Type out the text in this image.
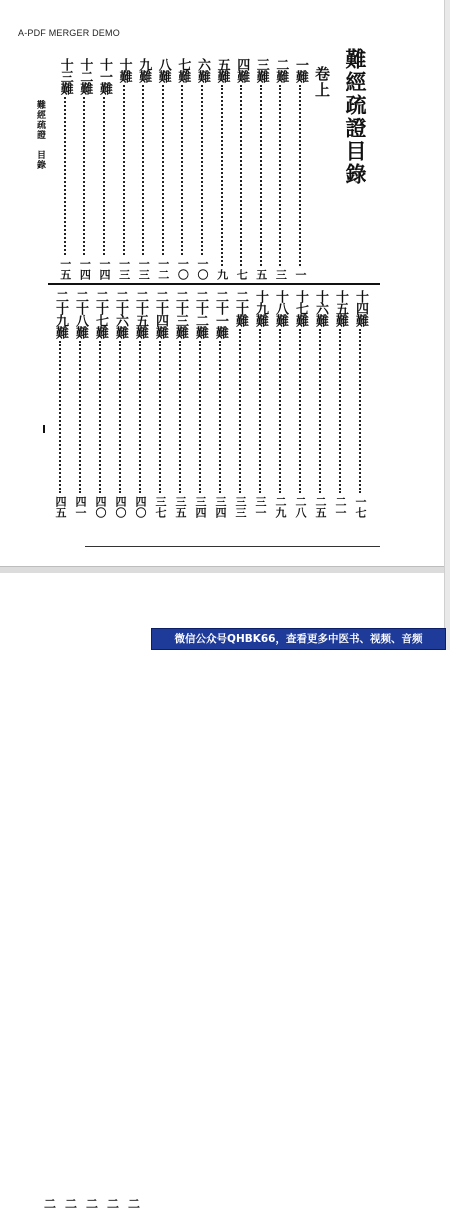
A-PDF MERGER DEMO
難經疏證目錄
卷上
一難
一
二難
三
三難
五
四難
七
五難
九
六難
一〇
七難
一〇
八難
一二
九難
一三
十難
一三
十一難
一四
十二難
一四
十三難
一五
十四難
一七
十五難
二一
十六難
二五
十七難
二八
十八難
二九
十九難
三一
二十難
三三
二十一難
三四
二十二難
三四
二十三難
三五
二十四難
三七
二十五難
四〇
二十六難
四〇
二十七難
四〇
二十八難
四一
二十九難
四五
難經疏證　目錄
二 二 二 二 二
微信公众号QHBK66，查看更多中医书、视频、音频
